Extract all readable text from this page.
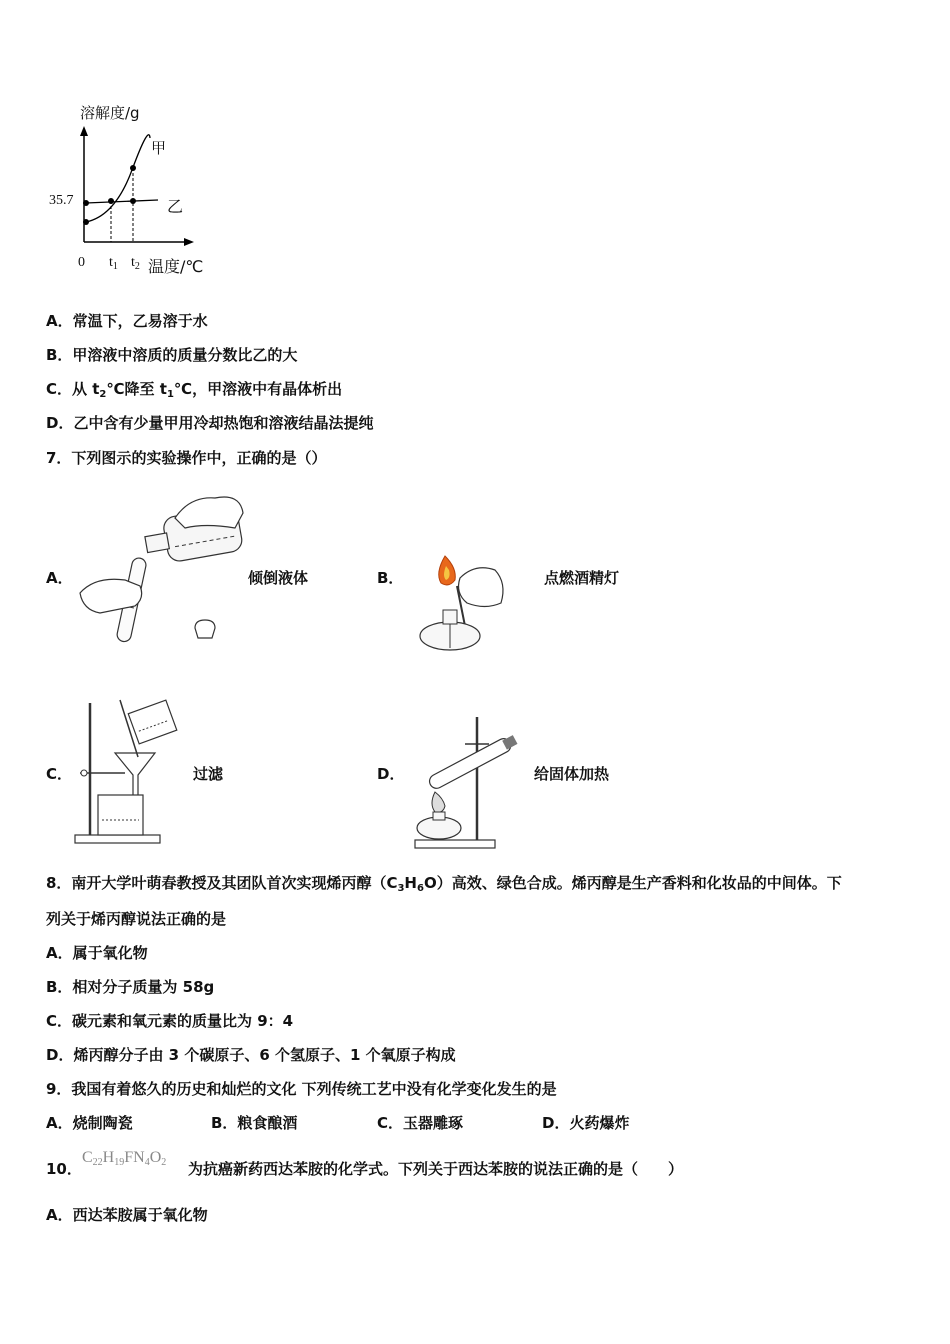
溶解度/g
35.7
甲
乙
0 $t_1$ $t_2$ 温度/℃
A．常温下，乙易溶于水
B．甲溶液中溶质的质量分数比乙的大
C．从 $t_2℃$降至 $t_1℃$，甲溶液中有晶体析出
D．乙中含有少量甲用冷却热饱和溶液结晶法提纯
7．下列图示的实验操作中，正确的是（）
A．	倾倒液体	B．	点燃酒精灯
C．	过滤	D．	给固体加热
8．南开大学叶萌春教授及其团队首次实现烯丙醇$(C_3H_6O)$高效、绿色合成。烯丙醇是生产香料和化妆品的中间体。下
列关于烯丙醇说法正确的是
A．属于氧化物
B．相对分子质量为 58g
C．碳元素和氧元素的质量比为 9：4
D．烯丙醇分子由 3 个碳原子、6 个氢原子、1 个氧原子构成
9．我国有着悠久的历史和灿烂的文化 下列传统工艺中没有化学变化发生的是
A．烧制陶瓷	B．粮食酿酒	C．玉器雕琢	D．火药爆炸
10．
$C_{22}H_{19}FN_4O_2$ 为抗癌新药西达苯胺的化学式。下列关于西达苯胺的说法正确的是（　　）
A．西达苯胺属于氧化物
